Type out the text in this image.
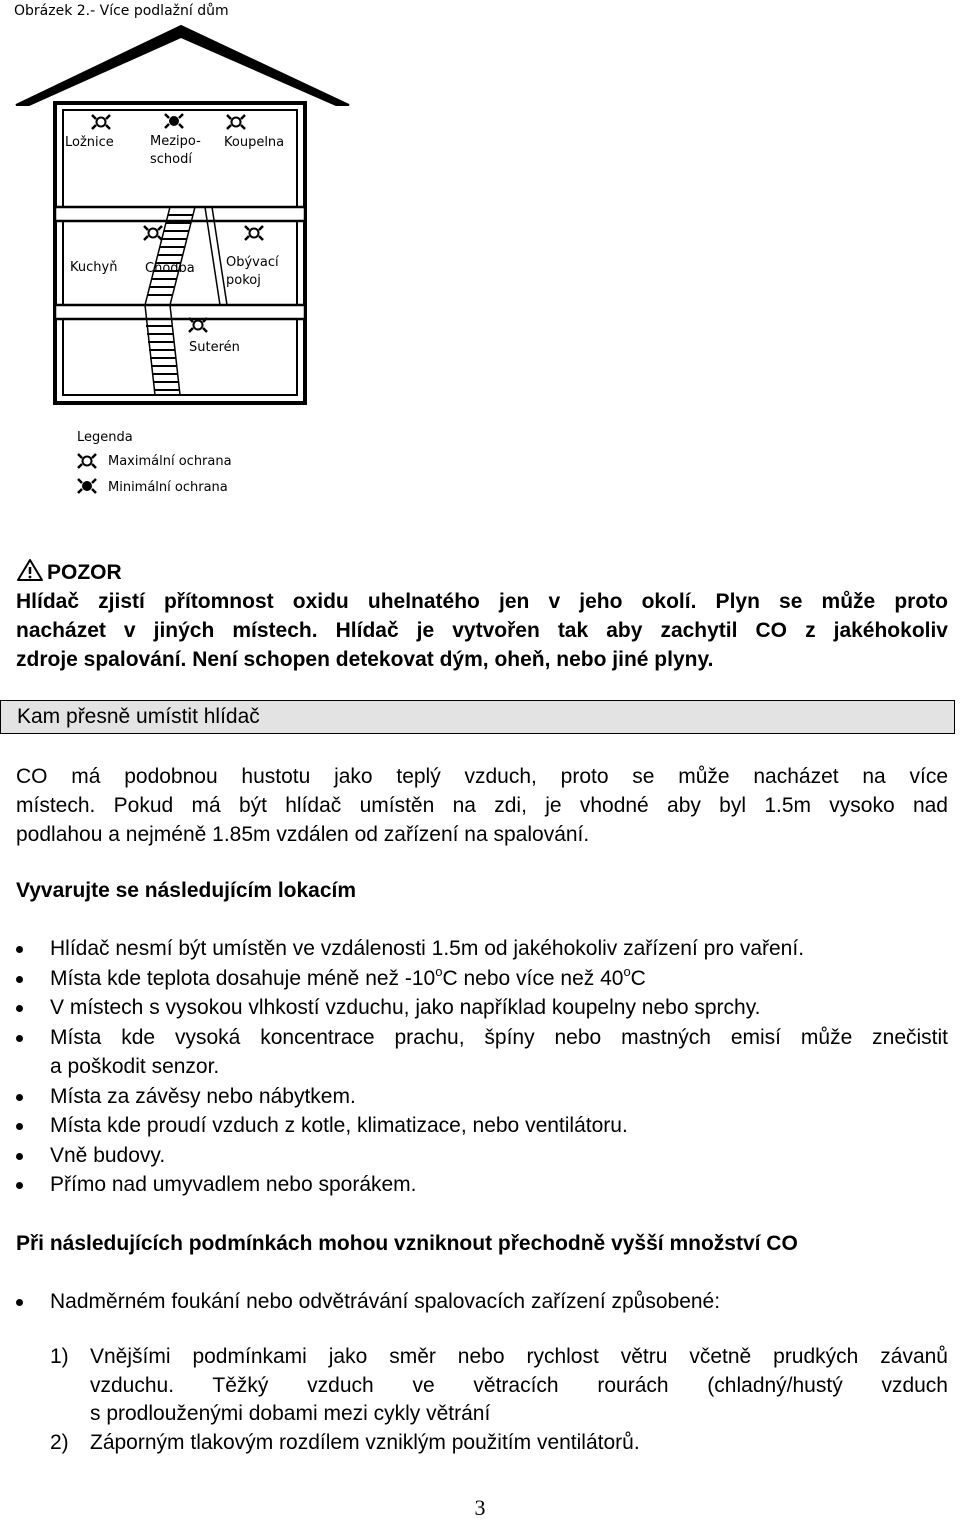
Obrázek 2.- Více podlažní dům
Ložnice	Mezipo-
schodí
Koupelna
Kuchyň Chodba Obývací
pokoj
Suterén
Legenda
Maximální ochrana
Minimální ochrana
POZOR
Hlídač zjistí přítomnost oxidu uhelnatého jen v jeho okolí. Plyn se může proto
nacházet v jiných místech. Hlídač je vytvořen tak aby zachytil CO z jakéhokoliv
zdroje spalování. Není schopen detekovat dým, oheň, nebo jiné plyny.
Kam přesně umístit hlídač
CO má podobnou hustotu jako teplý vzduch, proto se může nacházet na více
místech. Pokud má být hlídač umístěn na zdi, je vhodné aby byl 1.5m vysoko nad
podlahou a nejméně 1.85m vzdálen od zařízení na spalování.
Vyvarujte se následujícím lokacím
Hlídač nesmí být umístěn ve vzdálenosti 1.5m od jakéhokoliv zařízení pro vaření.
Místa kde teplota dosahuje méně než -10$^o$C nebo více než 40$^o$C
V místech s vysokou vlhkostí vzduchu, jako například koupelny nebo sprchy.
Místa kde vysoká koncentrace prachu, špíny nebo mastných emisí může znečistit
a poškodit senzor.
Místa za závěsy nebo nábytkem.
Místa kde proudí vzduch z kotle, klimatizace, nebo ventilátoru.
Vně budovy.
Přímo nad umyvadlem nebo sporákem.
Při následujících podmínkách mohou vzniknout přechodně vyšší množství CO
Nadměrném foukání nebo odvětrávání spalovacích zařízení způsobené:
1) Vnějšími podmínkami jako směr nebo rychlost větru včetně prudkých závanů
vzduchu. Těžký vzduch ve větracích rourách (chladný/hustý vzduch
s prodlouženými dobami mezi cykly větrání
2) Záporným tlakovým rozdílem vzniklým použitím ventilátorů.
3
